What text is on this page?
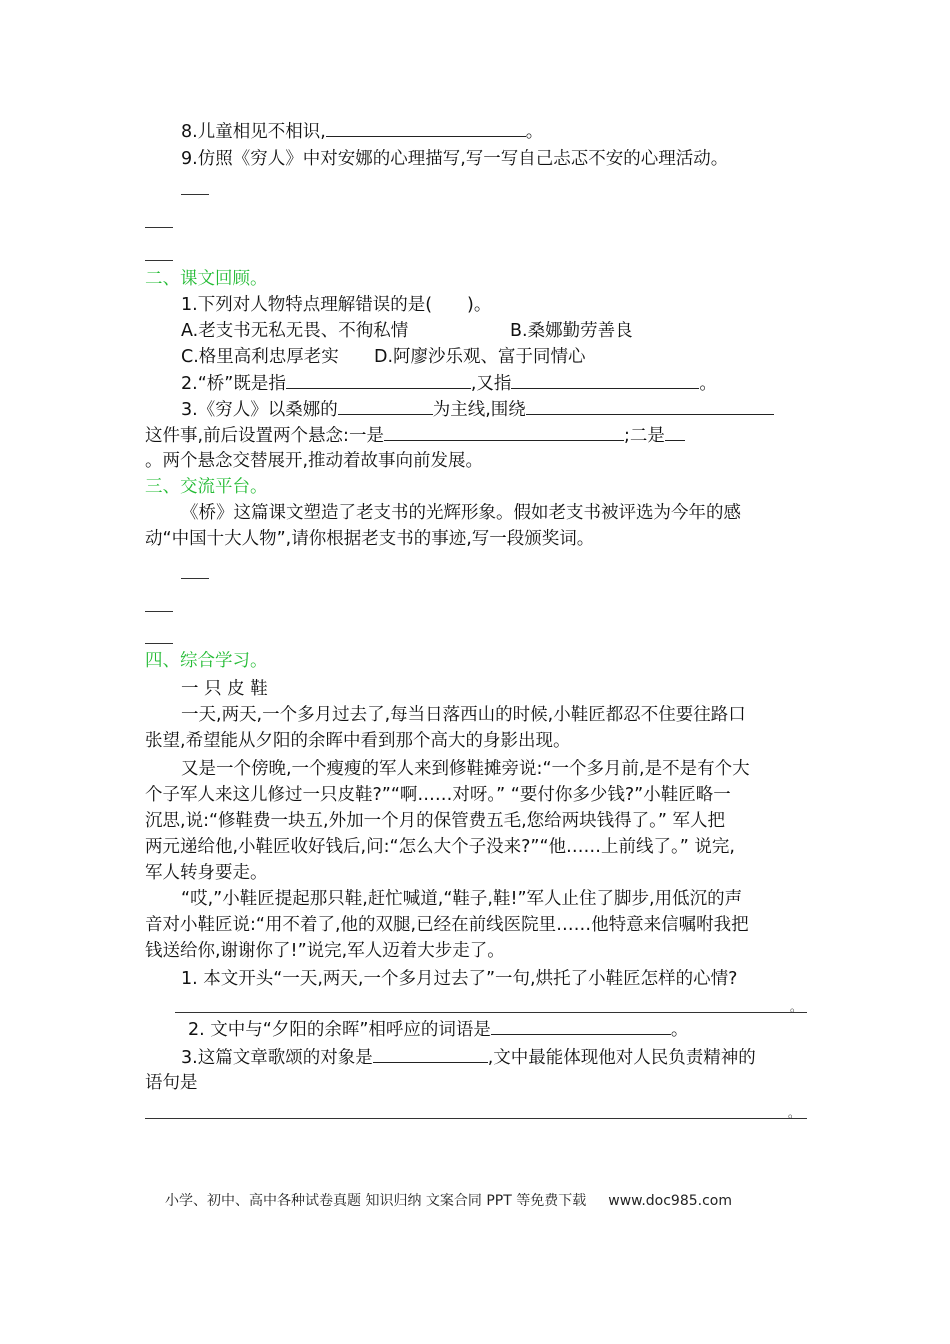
8.儿童相见不相识,	。
9.仿照《穷人》中对安娜的心理描写,写一写自己忐忑不安的心理活动。
二、课文回顾。
1.下列对人物特点理解错误的是(　　)。
A.老支书无私无畏、不徇私情	B.桑娜勤劳善良
C.格里高利忠厚老实 D.阿廖沙乐观、富于同情心
2.“桥”既是指	,又指	。
3.《穷人》以桑娜的	为主线,围绕
这件事,前后设置两个悬念:一是	;二是
。两个悬念交替展开,推动着故事向前发展。
三、交流平台。
《桥》这篇课文塑造了老支书的光辉形象。假如老支书被评选为今年的感
动“中国十大人物”,请你根据老支书的事迹,写一段颁奖词。
四、综合学习。
一 只 皮 鞋
一天,两天,一个多月过去了,每当日落西山的时候,小鞋匠都忍不住要往路口
张望,希望能从夕阳的余晖中看到那个高大的身影出现。
又是一个傍晚,一个瘦瘦的军人来到修鞋摊旁说:“一个多月前,是不是有个大
个子军人来这儿修过一只皮鞋?”“啊……对呀。” “要付你多少钱?”小鞋匠略一
沉思,说:“修鞋费一块五,外加一个月的保管费五毛,您给两块钱得了。” 军人把
两元递给他,小鞋匠收好钱后,问:“怎么大个子没来?”“他……上前线了。” 说完,
军人转身要走。
“哎,”小鞋匠提起那只鞋,赶忙喊道,“鞋子,鞋!”军人止住了脚步,用低沉的声
音对小鞋匠说:“用不着了,他的双腿,已经在前线医院里……他特意来信嘱咐我把
钱送给你,谢谢你了!”说完,军人迈着大步走了。
1. 本文开头“一天,两天,一个多月过去了”一句,烘托了小鞋匠怎样的心情?
。
2. 文中与“夕阳的余晖”相呼应的词语是	。
3.这篇文章歌颂的对象是	,文中最能体现他对人民负责精神的
语句是
。
小学、初中、高中各种试卷真题 知识归纳 文案合同 PPT 等免费下载 www.doc985.com
